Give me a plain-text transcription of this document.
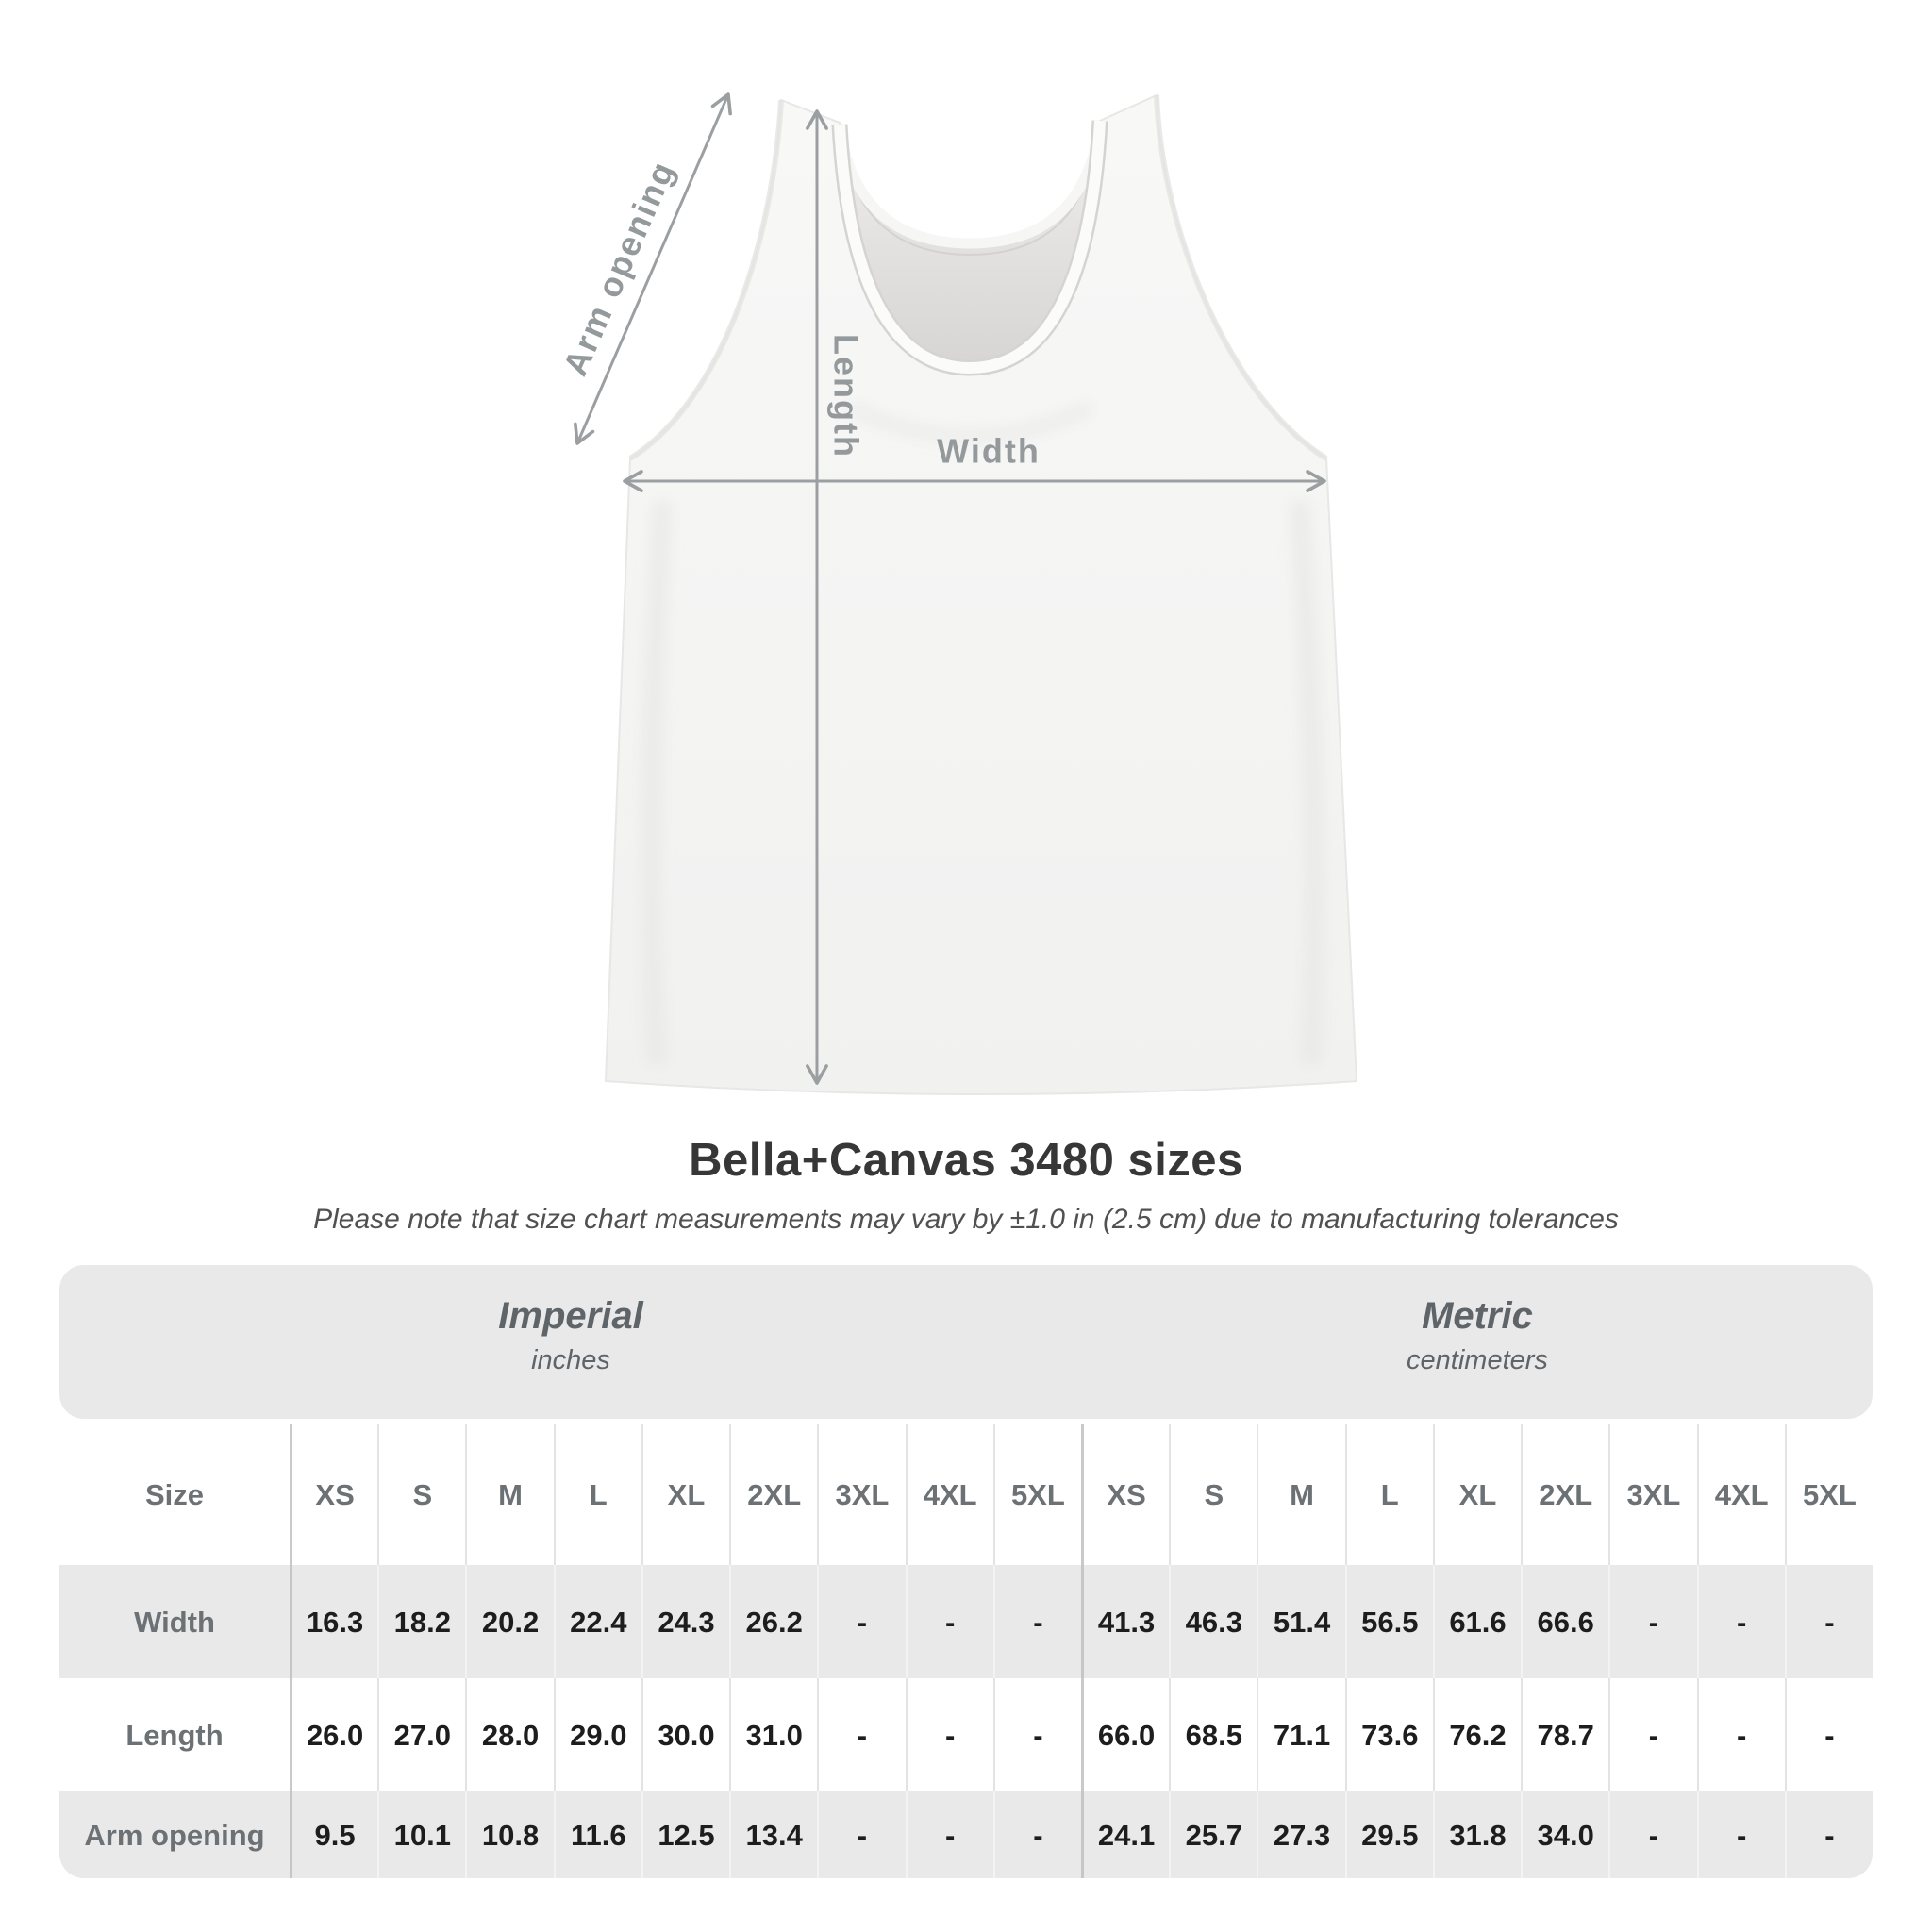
Arm opening
Length Width
Bella+Canvas 3480 sizes

Please note that size chart measurements may vary by ±1.0 in (2.5 cm) due to manufacturing tolerances

Imperial
inches
Metric
centimeters
Size	XS	S	M	L	XL	2XL	3XL	4XL	5XL	XS	S	M	L	XL	2XL	3XL	4XL	5XL
Width	16.3	18.2	20.2	22.4	24.3	26.2	-	-	-	41.3	46.3	51.4	56.5	61.6	66.6	-	-	-
Length	26.0	27.0	28.0	29.0	30.0	31.0	-	-	-	66.0	68.5	71.1	73.6	76.2	78.7	-	-	-
Arm opening	9.5	10.1	10.8	11.6	12.5	13.4	-	-	-	24.1	25.7	27.3	29.5	31.8	34.0	-	-	-
